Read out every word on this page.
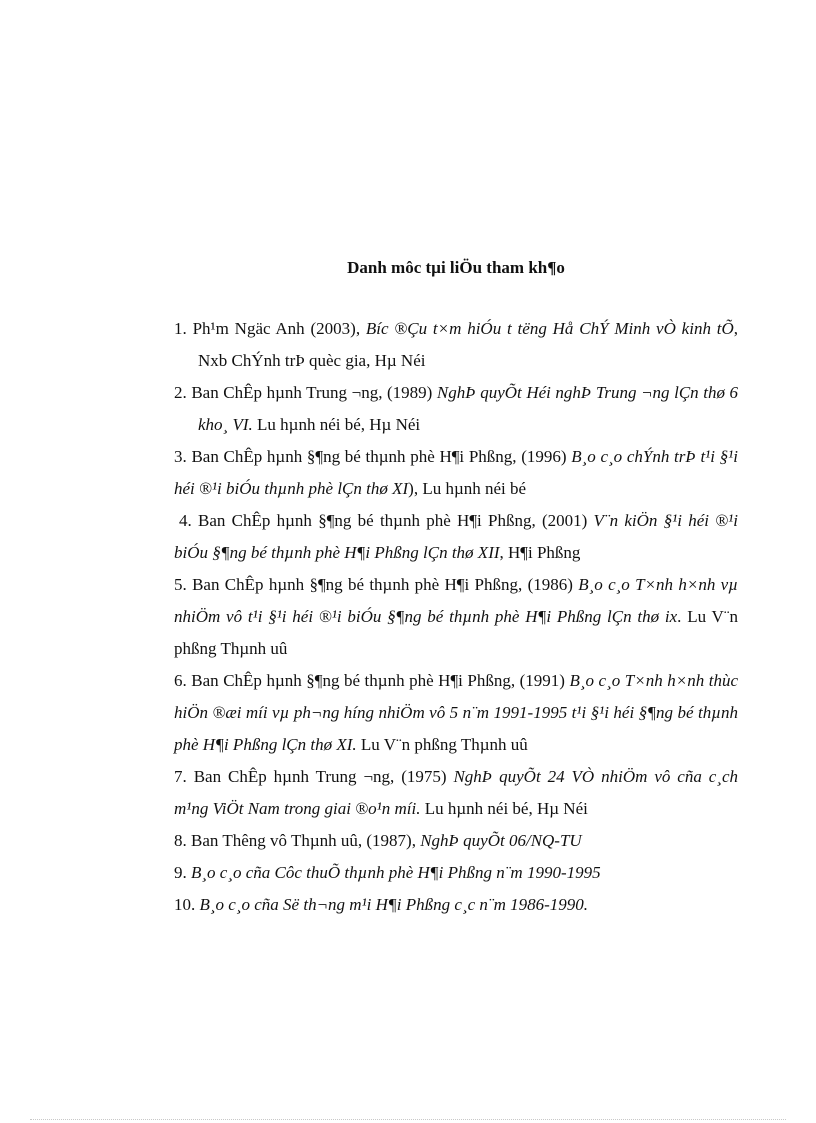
Danh môc tµi liÖu tham kh¶o
1. Ph¹m Ngäc Anh (2003), Bíc ®Çu t×m hiÓu t tëng Hå ChÝ Minh vÒ kinh tÕ, Nxb ChÝnh trÞ quèc gia, Hµ Néi
2. Ban ChÊp hµnh Trung ¬ng, (1989) NghÞ quyÕt Héi nghÞ Trung ¬ng lÇn thø 6 kho¸ VI. Lu hµnh néi bé, Hµ Néi
3. Ban ChÊp hµnh §¶ng bé thµnh phè H¶i Phßng, (1996) B¸o c¸o chÝnh trÞ t¹i §¹i héi ®¹i biÓu thµnh phè lÇn thø XI), Lu hµnh néi bé
4. Ban ChÊp hµnh §¶ng bé thµnh phè H¶i Phßng, (2001) V¨n kiÖn §¹i héi ®¹i biÓu §¶ng bé thµnh phè H¶i Phßng lÇn thø XII, H¶i Phßng
5. Ban ChÊp hµnh §¶ng bé thµnh phè H¶i Phßng, (1986) B¸o c¸o T×nh h×nh vµ nhiÖm vô t¹i §¹i héi ®¹i biÓu §¶ng bé thµnh phè H¶i Phßng lÇn thø ix. Lu V¨n phßng Thµnh uû
6. Ban ChÊp hµnh §¶ng bé thµnh phè H¶i Phßng, (1991) B¸o c¸o T×nh h×nh thùc hiÖn ®æi míi vµ ph¬ng híng nhiÖm vô 5 n¨m 1991-1995 t¹i §¹i héi §¶ng bé thµnh phè H¶i Phßng lÇn thø XI. Lu V¨n phßng Thµnh uû
7. Ban ChÊp hµnh Trung ¬ng, (1975) NghÞ quyÕt 24 VÒ nhiÖm vô cña c¸ch m¹ng ViÖt Nam trong giai ®o¹n míi. Lu hµnh néi bé, Hµ Néi
8. Ban Thêng vô Thµnh uû, (1987), NghÞ quyÕt 06/NQ-TU
9. B¸o c¸o cña Côc thuÕ thµnh phè H¶i Phßng n¨m 1990-1995
10. B¸o c¸o cña Së th¬ng m¹i H¶i Phßng c¸c n¨m 1986-1990.
